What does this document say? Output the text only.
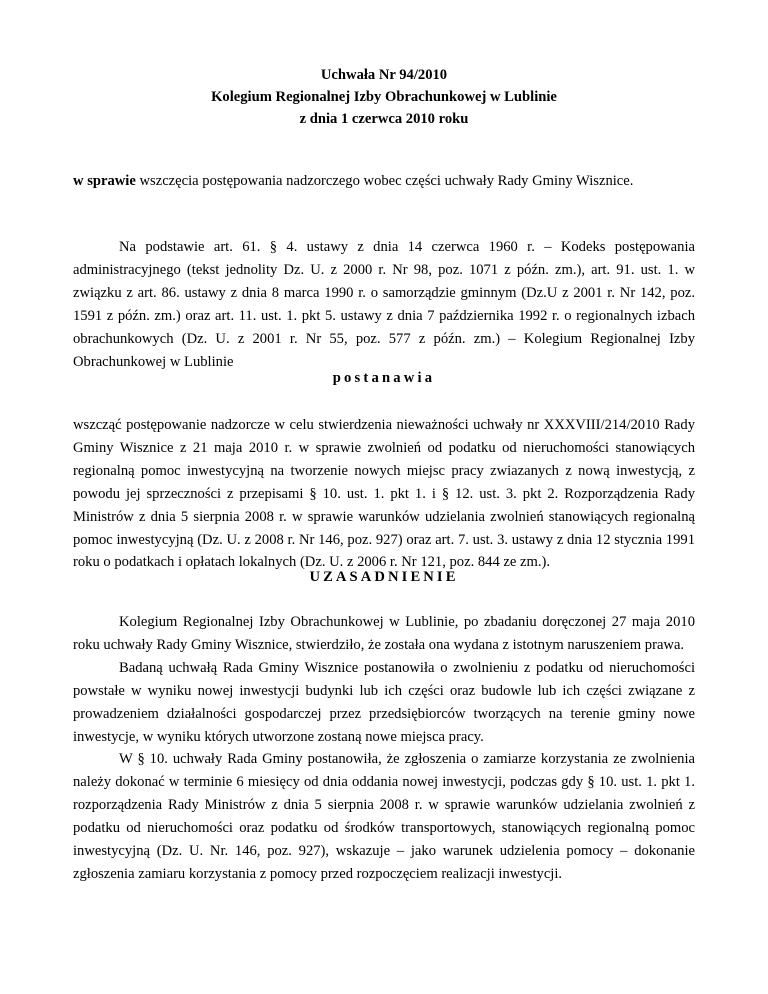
Uchwała Nr 94/2010
Kolegium Regionalnej Izby Obrachunkowej w Lublinie
z dnia 1 czerwca 2010 roku

w sprawie wszczęcia postępowania nadzorczego wobec części uchwały Rady Gminy Wisznice.

Na podstawie art. 61. § 4. ustawy z dnia 14 czerwca 1960 r. – Kodeks postępowania administracyjnego (tekst jednolity Dz. U. z 2000 r. Nr 98, poz. 1071 z późn. zm.), art. 91. ust. 1. w związku z art. 86. ustawy z dnia 8 marca 1990 r. o samorządzie gminnym (Dz.U z 2001 r. Nr 142, poz. 1591 z późn. zm.) oraz art. 11. ust. 1. pkt 5. ustawy z dnia 7 października 1992 r. o regionalnych izbach obrachunkowych (Dz. U. z 2001 r. Nr 55, poz. 577 z późn. zm.) – Kolegium Regionalnej Izby Obrachunkowej w Lublinie

postanawia

wszcząć postępowanie nadzorcze w celu stwierdzenia nieważności uchwały nr XXXVIII/214/2010 Rady Gminy Wisznice z 21 maja 2010 r. w sprawie zwolnień od podatku od nieruchomości stanowiących regionalną pomoc inwestycyjną na tworzenie nowych miejsc pracy zwiazanych z nową inwestycją, z powodu jej sprzeczności z przepisami § 10. ust. 1. pkt 1. i § 12. ust. 3. pkt 2. Rozporządzenia Rady Ministrów z dnia 5 sierpnia 2008 r. w sprawie warunków udzielania zwolnień stanowiących regionalną pomoc inwestycyjną (Dz. U. z 2008 r. Nr 146, poz. 927) oraz art. 7. ust. 3. ustawy z dnia 12 stycznia 1991 roku o podatkach i opłatach lokalnych (Dz. U. z 2006 r. Nr 121, poz. 844 ze zm.).

UZASADNIENIE

Kolegium Regionalnej Izby Obrachunkowej w Lublinie, po zbadaniu doręczonej 27 maja 2010 roku uchwały Rady Gminy Wisznice, stwierdziło, że została ona wydana z istotnym naruszeniem prawa.

Badaną uchwałą Rada Gminy Wisznice postanowiła o zwolnieniu z podatku od nieruchomości powstałe w wyniku nowej inwestycji budynki lub ich części oraz budowle lub ich części związane z prowadzeniem działalności gospodarczej przez przedsiębiorców tworzących na terenie gminy nowe inwestycje, w wyniku których utworzone zostaną nowe miejsca pracy.

W § 10. uchwały Rada Gminy postanowiła, że zgłoszenia o zamiarze korzystania ze zwolnienia należy dokonać w terminie 6 miesięcy od dnia oddania nowej inwestycji, podczas gdy § 10. ust. 1. pkt 1. rozporządzenia Rady Ministrów z dnia 5 sierpnia 2008 r. w sprawie warunków udzielania zwolnień z podatku od nieruchomości oraz podatku od środków transportowych, stanowiących regionalną pomoc inwestycyjną (Dz. U. Nr. 146, poz. 927), wskazuje – jako warunek udzielenia pomocy – dokonanie zgłoszenia zamiaru korzystania z pomocy przed rozpoczęciem realizacji inwestycji.
